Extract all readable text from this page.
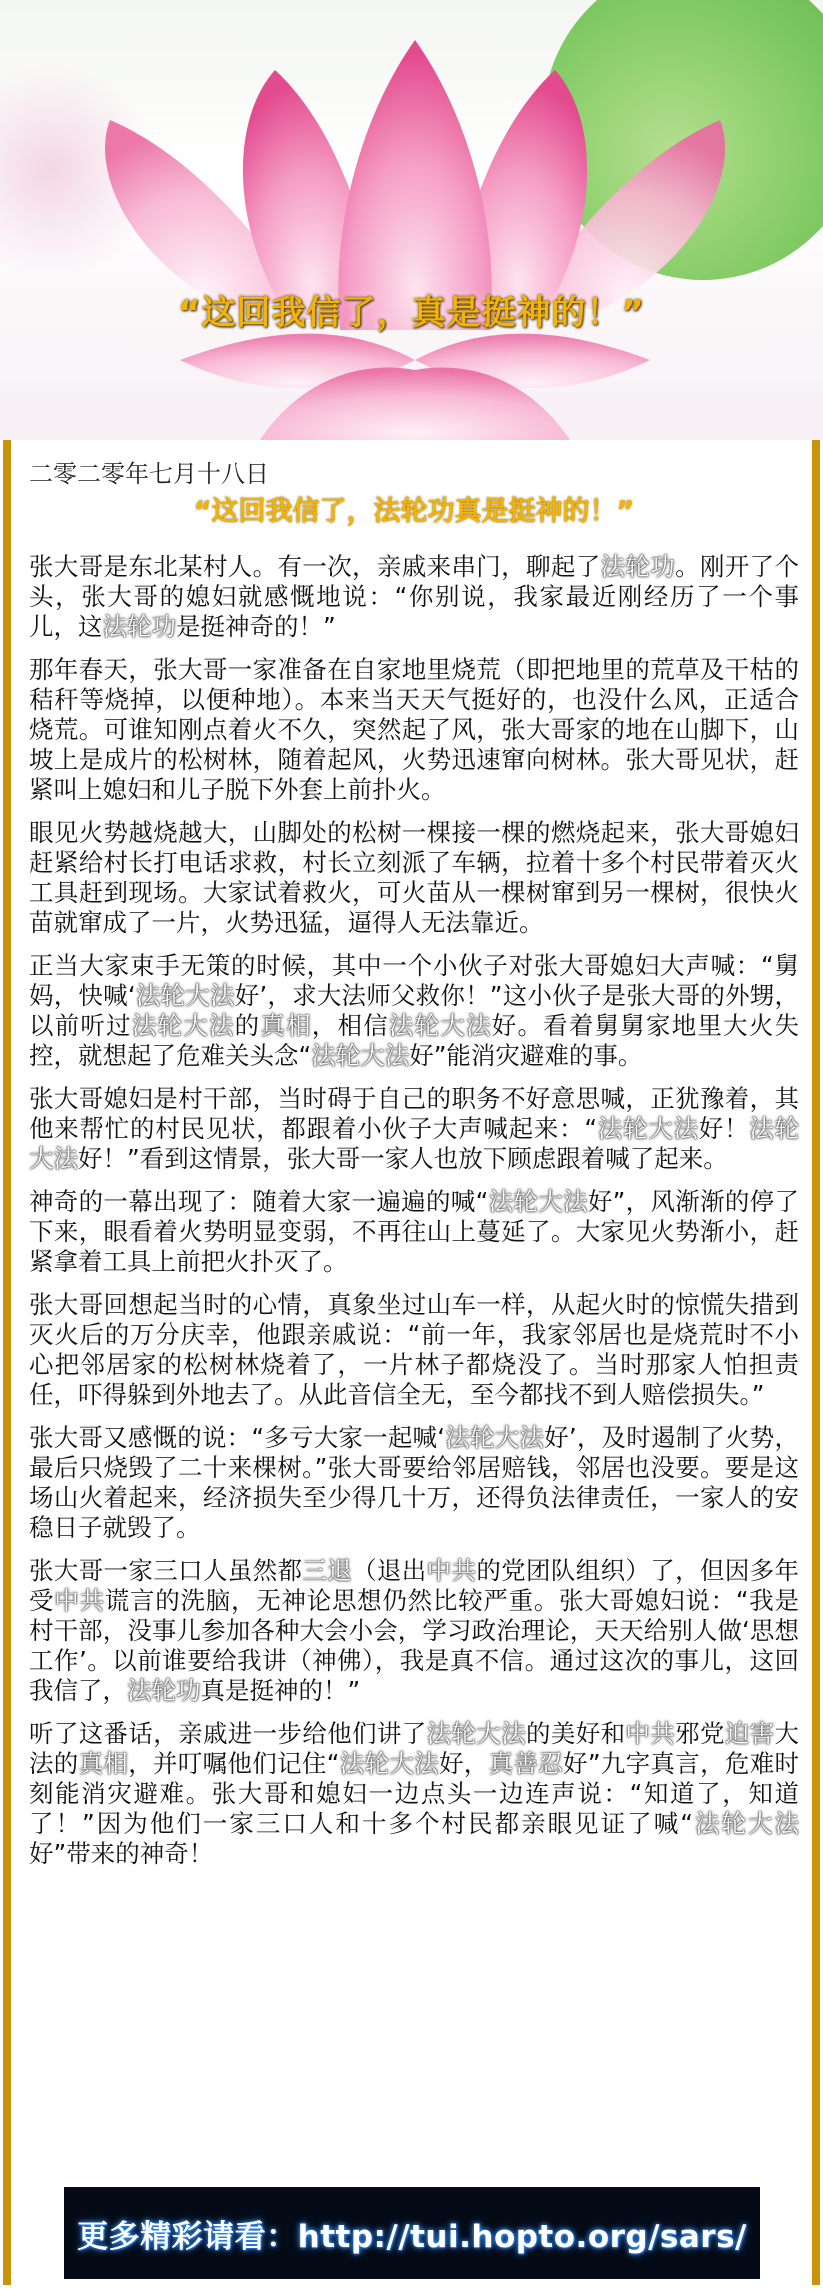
“这回我信了，真是挺神的！”
二零二零年七月十八日
“这回我信了，法轮功真是挺神的！”

张大哥是东北某村人。有一次，亲戚来串门，聊起了法轮功。刚开了个头，张大哥的媳妇就感慨地说：“你别说，我家最近刚经历了一个事儿，这法轮功是挺神奇的！”

那年春天，张大哥一家准备在自家地里烧荒（即把地里的荒草及干枯的秸秆等烧掉，以便种地）。本来当天天气挺好的，也没什么风，正适合烧荒。可谁知刚点着火不久，突然起了风，张大哥家的地在山脚下，山坡上是成片的松树林，随着起风，火势迅速窜向树林。张大哥见状，赶紧叫上媳妇和儿子脱下外套上前扑火。

眼见火势越烧越大，山脚处的松树一棵接一棵的燃烧起来，张大哥媳妇赶紧给村长打电话求救，村长立刻派了车辆，拉着十多个村民带着灭火工具赶到现场。大家试着救火，可火苗从一棵树窜到另一棵树，很快火苗就窜成了一片，火势迅猛，逼得人无法靠近。

正当大家束手无策的时候，其中一个小伙子对张大哥媳妇大声喊：“舅妈，快喊‘法轮大法好’，求大法师父救你！”这小伙子是张大哥的外甥，以前听过法轮大法的真相，相信法轮大法好。看着舅舅家地里大火失控，就想起了危难关头念“法轮大法好”能消灾避难的事。

张大哥媳妇是村干部，当时碍于自己的职务不好意思喊，正犹豫着，其他来帮忙的村民见状，都跟着小伙子大声喊起来：“法轮大法好！法轮大法好！”看到这情景，张大哥一家人也放下顾虑跟着喊了起来。

神奇的一幕出现了：随着大家一遍遍的喊“法轮大法好”，风渐渐的停了下来，眼看着火势明显变弱，不再往山上蔓延了。大家见火势渐小，赶紧拿着工具上前把火扑灭了。

张大哥回想起当时的心情，真象坐过山车一样，从起火时的惊慌失措到灭火后的万分庆幸，他跟亲戚说：“前一年，我家邻居也是烧荒时不小心把邻居家的松树林烧着了，一片林子都烧没了。当时那家人怕担责任，吓得躲到外地去了。从此音信全无，至今都找不到人赔偿损失。”

张大哥又感慨的说：“多亏大家一起喊‘法轮大法好’，及时遏制了火势，最后只烧毁了二十来棵树。”张大哥要给邻居赔钱，邻居也没要。要是这场山火着起来，经济损失至少得几十万，还得负法律责任，一家人的安稳日子就毁了。

张大哥一家三口人虽然都三退（退出中共的党团队组织）了，但因多年受中共谎言的洗脑，无神论思想仍然比较严重。张大哥媳妇说：“我是村干部，没事儿参加各种大会小会，学习政治理论，天天给别人做‘思想工作’。以前谁要给我讲（神佛），我是真不信。通过这次的事儿，这回我信了，法轮功真是挺神的！”

听了这番话，亲戚进一步给他们讲了法轮大法的美好和中共邪党迫害大法的真相，并叮嘱他们记住“法轮大法好，真善忍好”九字真言，危难时刻能消灾避难。张大哥和媳妇一边点头一边连声说：“知道了，知道了！”因为他们一家三口人和十多个村民都亲眼见证了喊“法轮大法好”带来的神奇！

更多精彩请看：http://tui.hopto.org/sars/
